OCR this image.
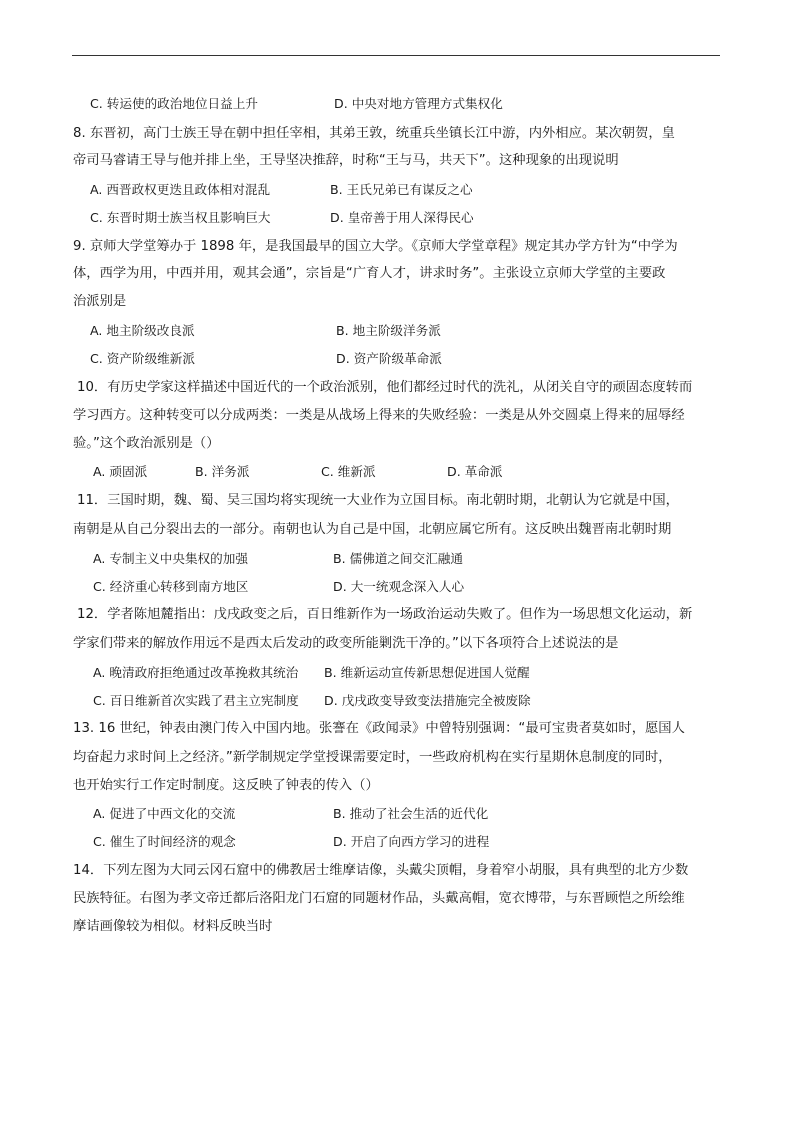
C. 转运使的政治地位日益上升	D. 中央对地方管理方式集权化
8. 东晋初，高门士族王导在朝中担任宰相，其弟王敦，统重兵坐镇长江中游，内外相应。某次朝贺，皇
帝司马睿请王导与他并排上坐，王导坚决推辞，时称“王与马，共天下”。这种现象的出现说明
A. 西晋政权更迭且政体相对混乱	B. 王氏兄弟已有谋反之心
C. 东晋时期士族当权且影响巨大	D. 皇帝善于用人深得民心
9. 京师大学堂筹办于 1898 年，是我国最早的国立大学。《京师大学堂章程》规定其办学方针为“中学为
体，西学为用，中西并用，观其会通”，宗旨是“广育人才，讲求时务”。主张设立京师大学堂的主要政
治派别是
A. 地主阶级改良派	B. 地主阶级洋务派
C. 资产阶级维新派	D. 资产阶级革命派
10．有历史学家这样描述中国近代的一个政治派别，他们都经过时代的洗礼，从闭关自守的顽固态度转而
学习西方。这种转变可以分成两类：一类是从战场上得来的失败经验：一类是从外交圆桌上得来的屈辱经
验。”这个政治派别是（）
A. 顽固派	B. 洋务派	C. 维新派	D. 革命派
11．三国时期，魏、蜀、吴三国均将实现统一大业作为立国目标。南北朝时期，北朝认为它就是中国，
南朝是从自己分裂出去的一部分。南朝也认为自己是中国，北朝应属它所有。这反映出魏晋南北朝时期
A. 专制主义中央集权的加强	B. 儒佛道之间交汇融通
C. 经济重心转移到南方地区	D. 大一统观念深入人心
12．学者陈旭麓指出：戊戌政变之后，百日维新作为一场政治运动失败了。但作为一场思想文化运动，新
学家们带来的解放作用远不是西太后发动的政变所能剿洗干净的。”以下各项符合上述说法的是
A. 晚清政府拒绝通过改革挽救其统治 B. 维新运动宣传新思想促进国人觉醒
C. 百日维新首次实践了君主立宪制度 D. 戊戌政变导致变法措施完全被废除
13. 16 世纪，钟表由澳门传入中国内地。张謇在《政闻录》中曾特别强调：“最可宝贵者莫如时，愿国人
均奋起力求时间上之经济。”新学制规定学堂授课需要定时，一些政府机构在实行星期休息制度的同时，
也开始实行工作定时制度。这反映了钟表的传入（）
A. 促进了中西文化的交流	B. 推动了社会生活的近代化
C. 催生了时间经济的观念	D. 开启了向西方学习的进程
14．下列左图为大同云冈石窟中的佛教居士维摩诘像，头戴尖顶帽，身着窄小胡服，具有典型的北方少数
民族特征。右图为孝文帝迁都后洛阳龙门石窟的同题材作品，头戴高帽，宽衣博带，与东晋顾恺之所绘维
摩诘画像较为相似。材料反映当时
